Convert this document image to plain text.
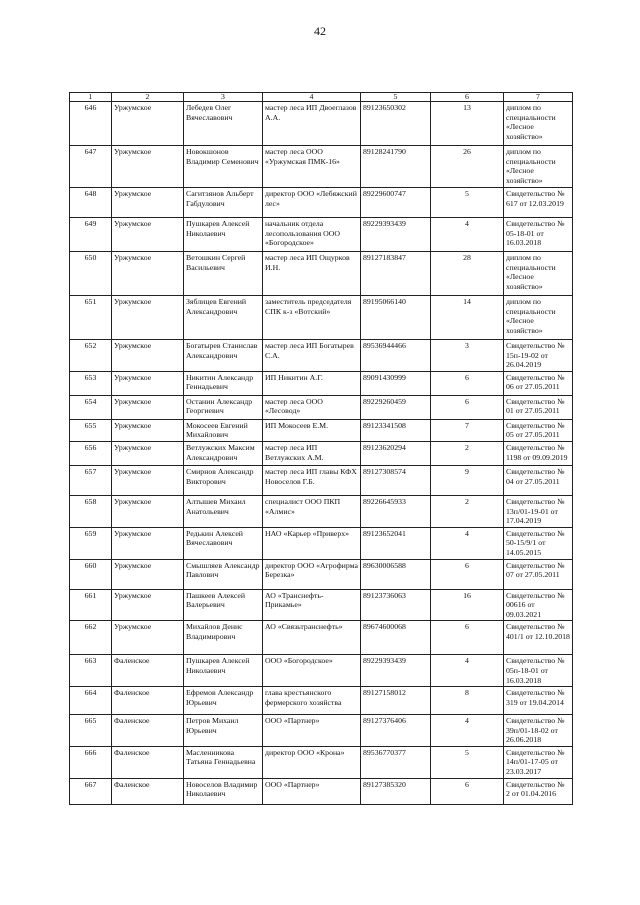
42
1	2	3	4	5	6	7
646	Уржумское	Лебедев Олег Вячеславович	мастер леса ИП Двоеглазов А.А.	89123650302	13	диплом по специальности «Лесное хозяйство»
647	Уржумское	Новокшонов Владимир Семенович	мастер леса ООО «Уржумская ПМК-16»	89128241790	26	диплом по специальности «Лесное хозяйство»
648	Уржумское	Сагитзянов Альберт Габдулович	директор ООО «Лебяжский лес»	89229600747	5	Свидетельство № 617 от 12.03.2019
649	Уржумское	Пушкарев Алексей Николаевич	начальник отдела лесопользования ООО «Богородское»	89229393439	4	Свидетельство № 05-18-01 от 16.03.2018
650	Уржумское	Ветошкин Сергей Васильевич	мастер леса ИП Ощурков И.Н.	89127183847	28	диплом по специальности «Лесное хозяйство»
651	Уржумское	Зяблицев Евгений Александрович	заместитель председателя СПК к-з «Вотский»	89195066140	14	диплом по специальности «Лесное хозяйство»
652	Уржумское	Богатырев Станислав Александрович	мастер леса ИП Богатырев С.А.	89536944466	3	Свидетельство № 15п-19-02 от 26.04.2019
653	Уржумское	Никитин Александр Геннадьевич	ИП Никитин А.Г.	89091430999	6	Свидетельство № 06 от 27.05.2011
654	Уржумское	Останин Александр Георгиевич	мастер леса ООО «Лесовод»	89229260459	6	Свидетельство № 01 от 27.05.2011
655	Уржумское	Мокосеев Евгений Михайлович	ИП Мокосеев Е.М.	89123341508	7	Свидетельство № 05 от 27.05.2011
656	Уржумское	Ветлужских Максим Александрович	мастер леса ИП Ветлужских А.М.	89123620294	2	Свидетельство № 1198 от 09.09.2019
657	Уржумское	Смирнов Александр Викторович	мастер леса ИП главы КФХ Новоселов Г.Б.	89127308574	9	Свидетельство № 04 от 27.05.2011
658	Уржумское	Алтышев Михаил Анатольевич	специалист ООО ПКП «Алмис»	89226645933	2	Свидетельство № 13п/01-19-01 от 17.04.2019
659	Уржумское	Редькин Алексей Вячеславович	НАО «Карьер «Приверх»	89123652041	4	Свидетельство № 50-15/9/1 от 14.05.2015
660	Уржумское	Смышляев Александр Павлович	директор ООО «Агрофирма Березка»	89630006588	6	Свидетельство № 07 от 27.05.2011
661	Уржумское	Пашкеев Алексей Валерьевич	АО «Транснефть-Прикамье»	89123736063	16	Свидетельство № 00616 от 09.03.2021
662	Уржумское	Михайлов Денис Владимирович	АО «Связьтранснефть»	89674600068	6	Свидетельство № 401/1 от 12.10.2018
663	Фаленское	Пушкарев Алексей Николаевич	ООО «Богородское»	89229393439	4	Свидетельство № 05п-18-01 от 16.03.2018
664	Фаленское	Ефремов Александр Юрьевич	глава крестьянского фермерского хозяйства	89127158012	8	Свидетельство № 319 от 19.04.2014
665	Фаленское	Петров Михаил Юрьевич	ООО «Партнер»	89127376406	4	Свидетельство № 39п/01-18-02 от 26.06.2018
666	Фаленское	Масленникова Татьяна Геннадьевна	директор ООО «Крона»	89536770377	5	Свидетельство № 14п/01-17-05 от 23.03.2017
667	Фаленское	Новоселов Владимир Николаевич	ООО «Партнер»	89127385320	6	Свидетельство № 2 от 01.04.2016
